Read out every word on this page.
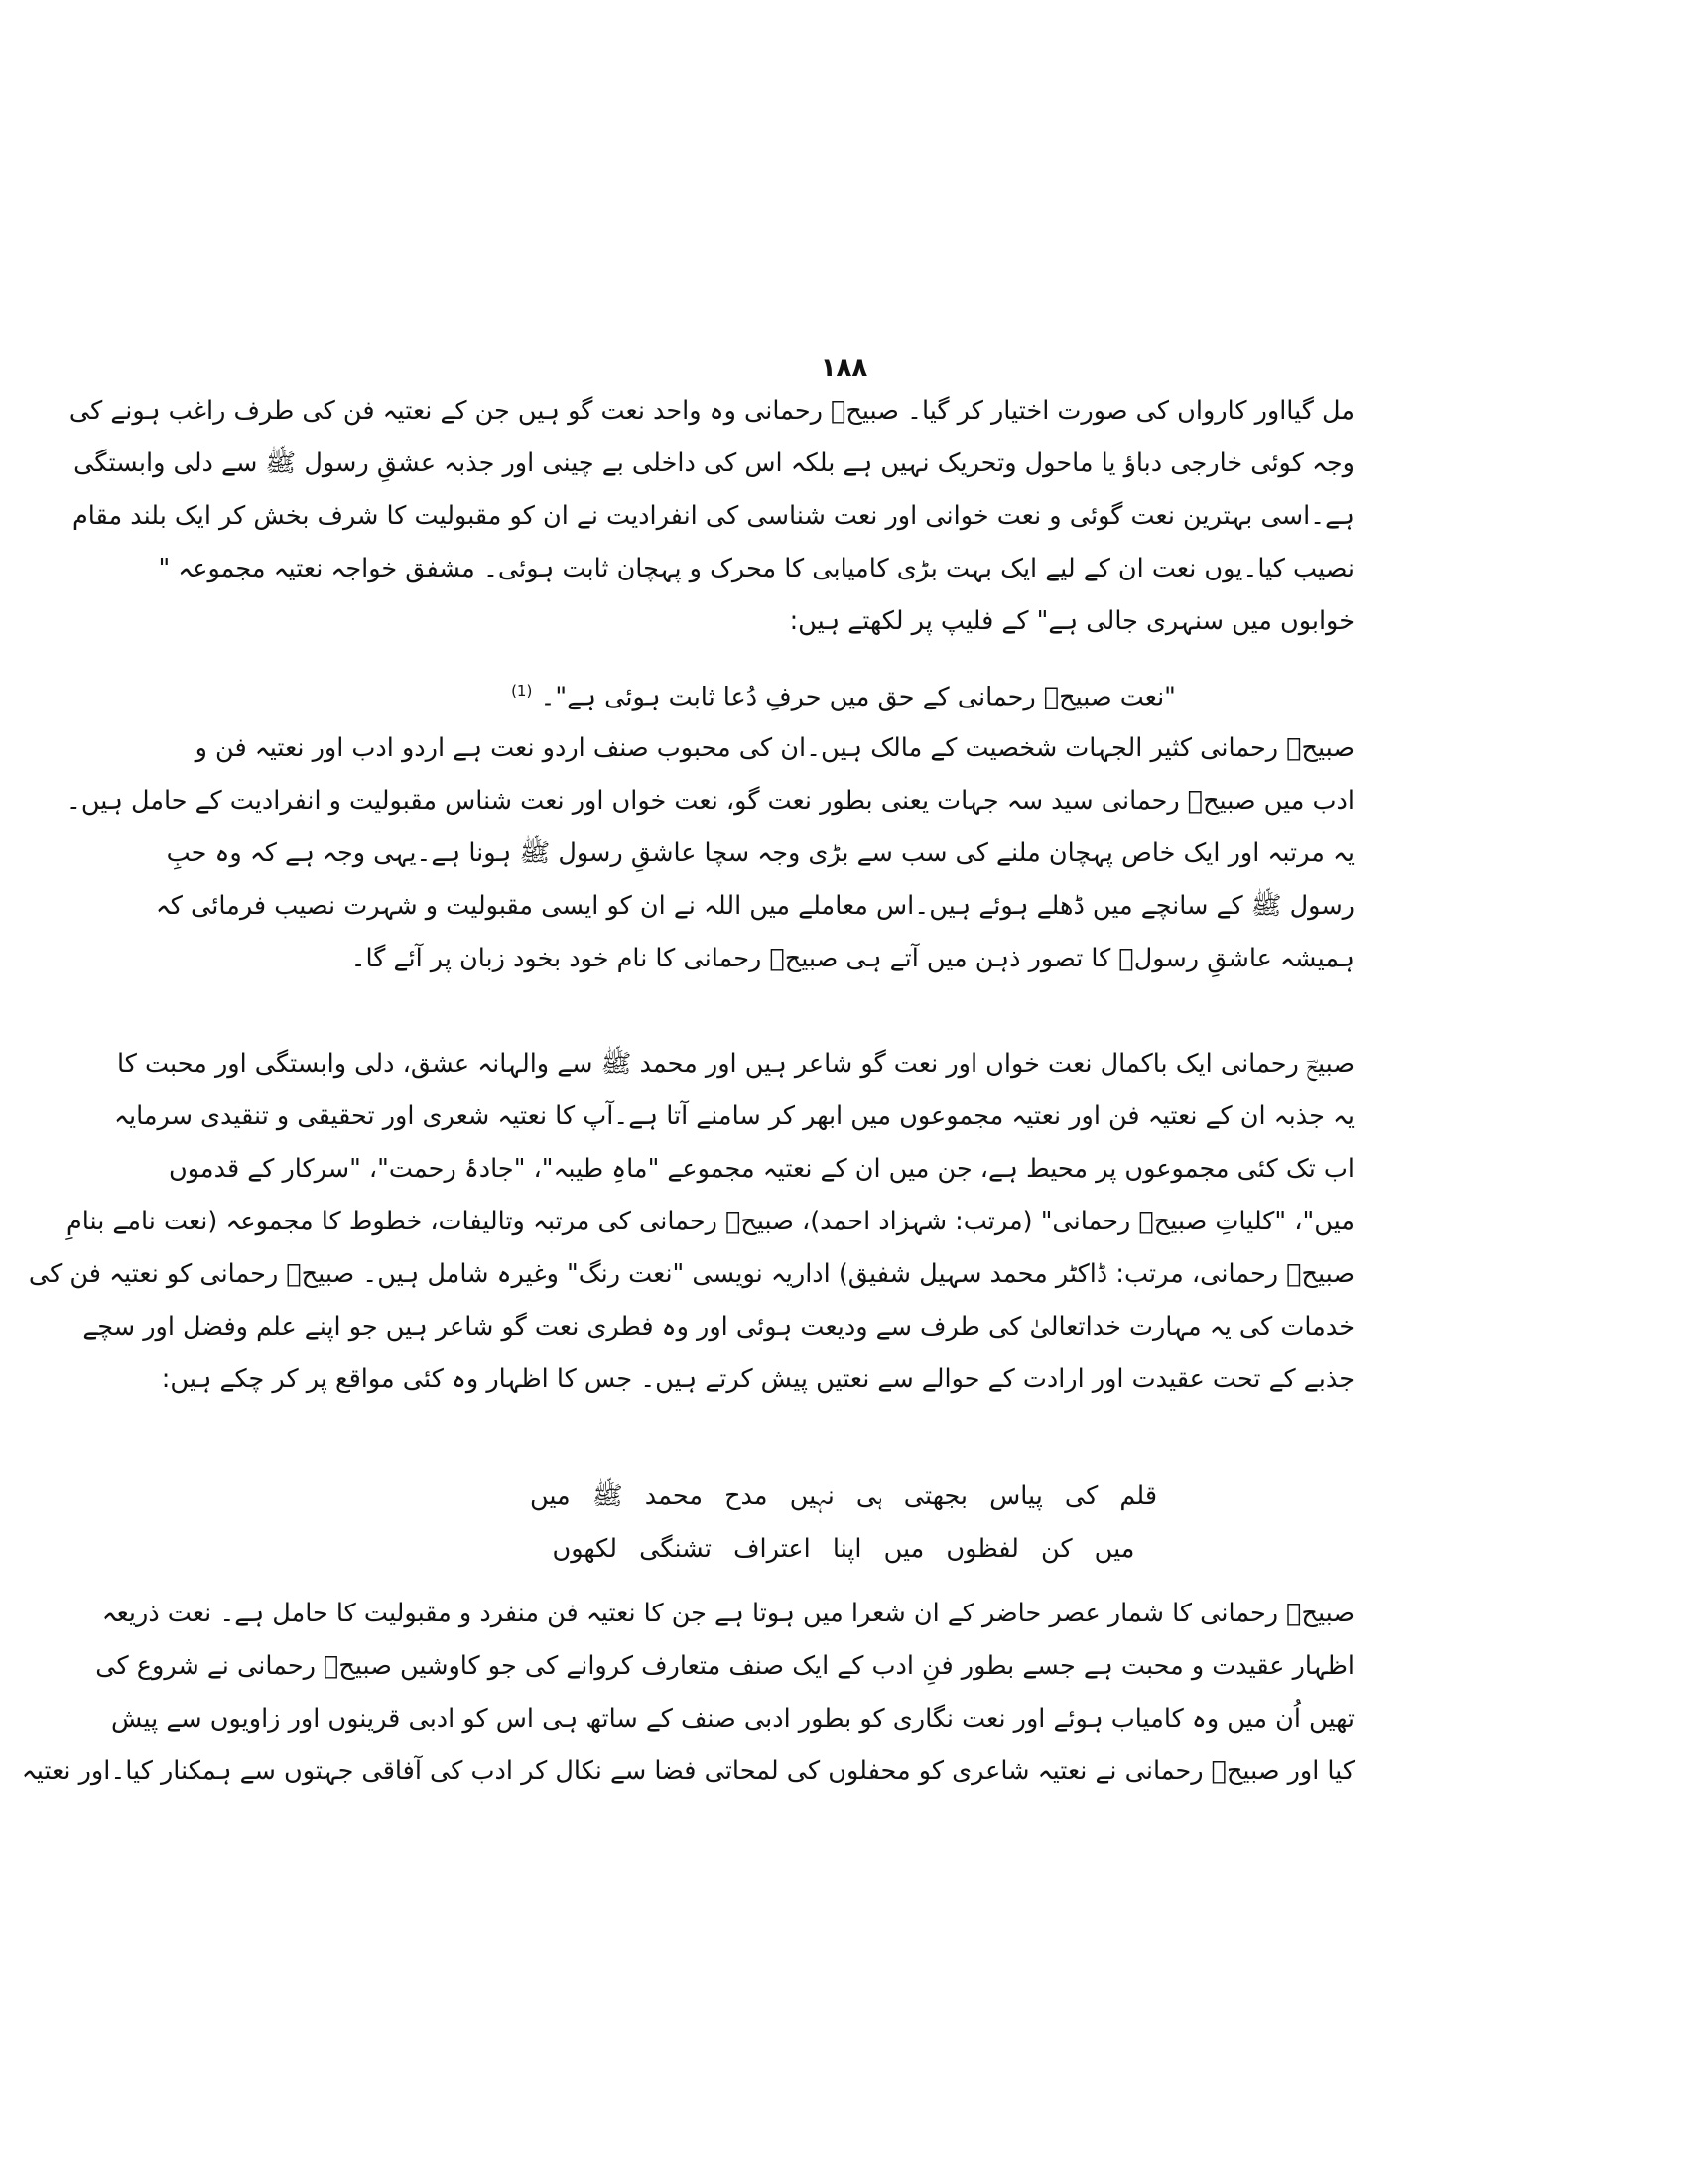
۱۸۸
مل گیااور کارواں کی صورت اختیار کر گیا۔ صبیحؔ رحمانی وہ واحد نعت گو ہیں جن کے نعتیہ فن کی طرف راغب ہونے کی
وجہ کوئی خارجی دباؤ یا ماحول وتحریک نہیں ہے بلکہ اس کی داخلی بے چینی اور جذبہ عشقِ رسول ﷺ سے دلی وابستگی
ہے۔اسی بہترین نعت گوئی و نعت خوانی اور نعت شناسی کی انفرادیت نے ان کو مقبولیت کا شرف بخش کر ایک بلند مقام
نصیب کیا۔یوں نعت ان کے لیے ایک بہت بڑی کامیابی کا محرک و پہچان ثابت ہوئی۔ مشفق خواجہ نعتیہ مجموعہ "
خوابوں میں سنہری جالی ہے" کے فلیپ پر لکھتے ہیں:
"نعت صبیحؔ رحمانی کے حق میں حرفِ دُعا ثابت ہوئی ہے"۔ $^{(1)}$
صبیحؔ رحمانی کثیر الجہات شخصیت کے مالک ہیں۔ان کی محبوب صنف اردو نعت ہے اردو ادب اور نعتیہ فن و
ادب میں صبیحؔ رحمانی سید سہ جہات یعنی بطور نعت گو، نعت خواں اور نعت شناس مقبولیت و انفرادیت کے حامل ہیں۔
یہ مرتبہ اور ایک خاص پہچان ملنے کی سب سے بڑی وجہ سچا عاشقِ رسول ﷺ ہونا ہے۔یہی وجہ ہے کہ وہ حبِ
رسول ﷺ کے سانچے میں ڈھلے ہوئے ہیں۔اس معاملے میں اللہ نے ان کو ایسی مقبولیت و شہرت نصیب فرمائی کہ
ہمیشہ عاشقِ رسولؐ کا تصور ذہن میں آتے ہی صبیحؔ رحمانی کا نام خود بخود زبان پر آئے گا۔
صبیحؔ رحمانی ایک باکمال نعت خواں اور نعت گو شاعر ہیں اور محمد ﷺ سے والہانہ عشق، دلی وابستگی اور محبت کا
یہ جذبہ ان کے نعتیہ فن اور نعتیہ مجموعوں میں ابھر کر سامنے آتا ہے۔آپ کا نعتیہ شعری اور تحقیقی و تنقیدی سرمایہ
اب تک کئی مجموعوں پر محیط ہے، جن میں ان کے نعتیہ مجموعے "ماہِ طیبہ"، "جادۂ رحمت"، "سرکار کے قدموں
میں"، "کلیاتِ صبیحؔ رحمانی" (مرتب: شہزاد احمد)، صبیحؔ رحمانی کی مرتبہ وتالیفات، خطوط کا مجموعہ (نعت نامے بنامِ
صبیحؔ رحمانی، مرتب: ڈاکٹر محمد سہیل شفیق) اداریہ نویسی "نعت رنگ" وغیرہ شامل ہیں۔ صبیحؔ رحمانی کو نعتیہ فن کی
خدمات کی یہ مہارت خداتعالیٰ کی طرف سے ودیعت ہوئی اور وہ فطری نعت گو شاعر ہیں جو اپنے علم وفضل اور سچے
جذبے کے تحت عقیدت اور ارادت کے حوالے سے نعتیں پیش کرتے ہیں۔ جس کا اظہار وہ کئی مواقع پر کر چکے ہیں:
قلم کی پیاس بجھتی ہی نہیں مدح محمد ﷺ میں
میں کن لفظوں میں اپنا اعتراف تشنگی لکھوں
صبیحؔ رحمانی کا شمار عصر حاضر کے ان شعرا میں ہوتا ہے جن کا نعتیہ فن منفرد و مقبولیت کا حامل ہے۔ نعت ذریعہ
اظہار عقیدت و محبت ہے جسے بطور فنِ ادب کے ایک صنف متعارف کروانے کی جو کاوشیں صبیحؔ رحمانی نے شروع کی
تھیں اُن میں وہ کامیاب ہوئے اور نعت نگاری کو بطور ادبی صنف کے ساتھ ہی اس کو ادبی قرینوں اور زاویوں سے پیش
کیا اور صبیحؔ رحمانی نے نعتیہ شاعری کو محفلوں کی لمحاتی فضا سے نکال کر ادب کی آفاقی جہتوں سے ہمکنار کیا۔اور نعتیہ
